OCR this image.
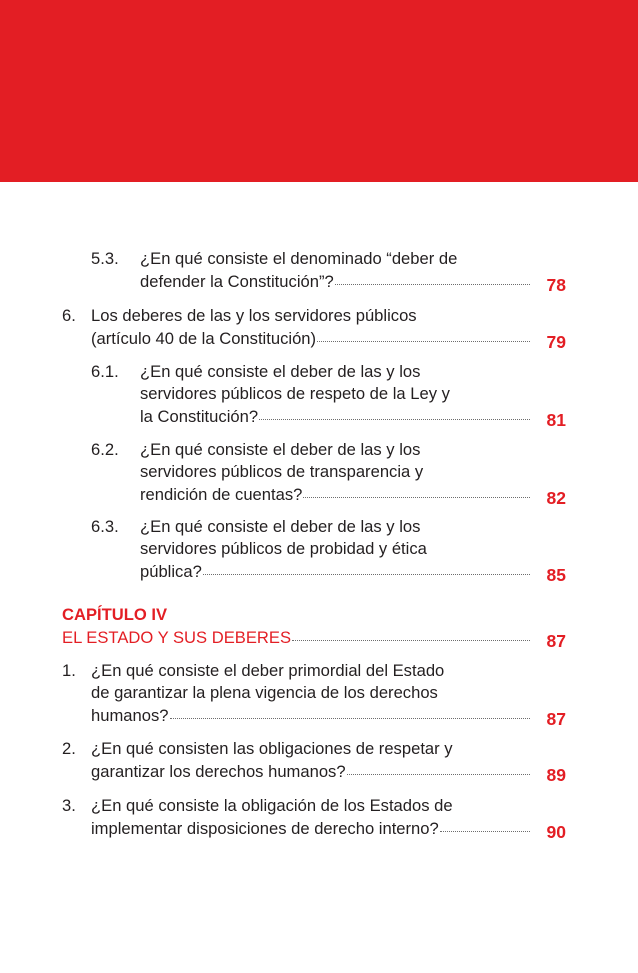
5.3. ¿En qué consiste el denominado “deber de
defender la Constitución”?	78
6. Los deberes de las y los servidores públicos
(artículo 40 de la Constitución)	79
6.1. ¿En qué consiste el deber de las y los
servidores públicos de respeto de la Ley y
la Constitución?	81
6.2. ¿En qué consiste el deber de las y los
servidores públicos de transparencia y
rendición de cuentas?	82
6.3. ¿En qué consiste el deber de las y los
servidores públicos de probidad y ética
pública?	85
CAPÍTULO IV
EL ESTADO Y SUS DEBERES	87
1. ¿En qué consiste el deber primordial del Estado
de garantizar la plena vigencia de los derechos
humanos?	87
2. ¿En qué consisten las obligaciones de respetar y
garantizar los derechos humanos?	89
3. ¿En qué consiste la obligación de los Estados de
implementar disposiciones de derecho interno?	90
